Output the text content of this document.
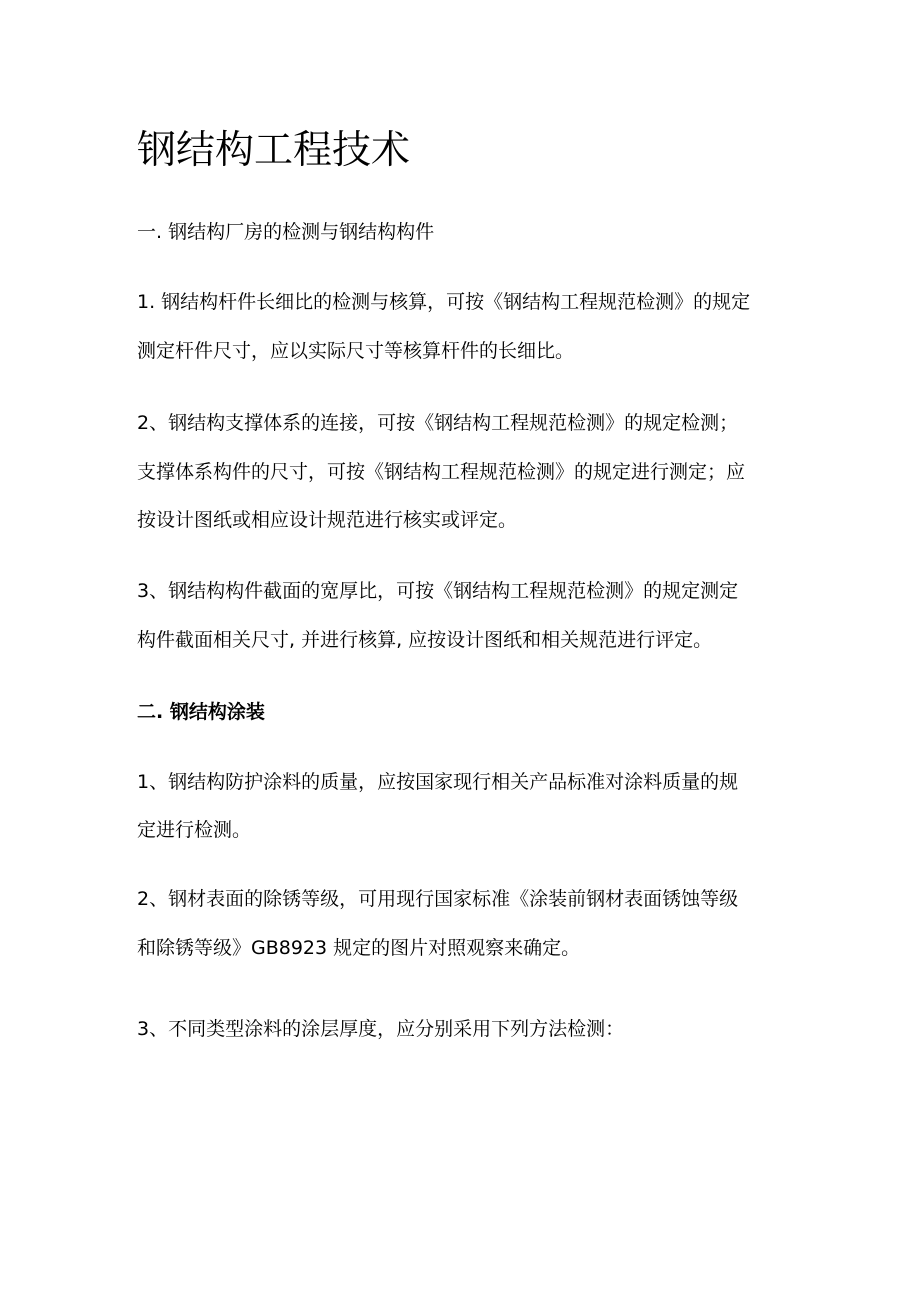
钢结构工程技术
一. 钢结构厂房的检测与钢结构构件
1. 钢结构杆件长细比的检测与核算，可按《钢结构工程规范检测》的规定
测定杆件尺寸，应以实际尺寸等核算杆件的长细比。
2、钢结构支撑体系的连接，可按《钢结构工程规范检测》的规定检测；
支撑体系构件的尺寸，可按《钢结构工程规范检测》的规定进行测定；应
按设计图纸或相应设计规范进行核实或评定。
3、钢结构构件截面的宽厚比，可按《钢结构工程规范检测》的规定测定
构件截面相关尺寸, 并进行核算, 应按设计图纸和相关规范进行评定。
二. 钢结构涂装
1、钢结构防护涂料的质量，应按国家现行相关产品标准对涂料质量的规
定进行检测。
2、钢材表面的除锈等级，可用现行国家标准《涂装前钢材表面锈蚀等级
和除锈等级》GB8923 规定的图片对照观察来确定。
3、不同类型涂料的涂层厚度，应分别采用下列方法检测：
